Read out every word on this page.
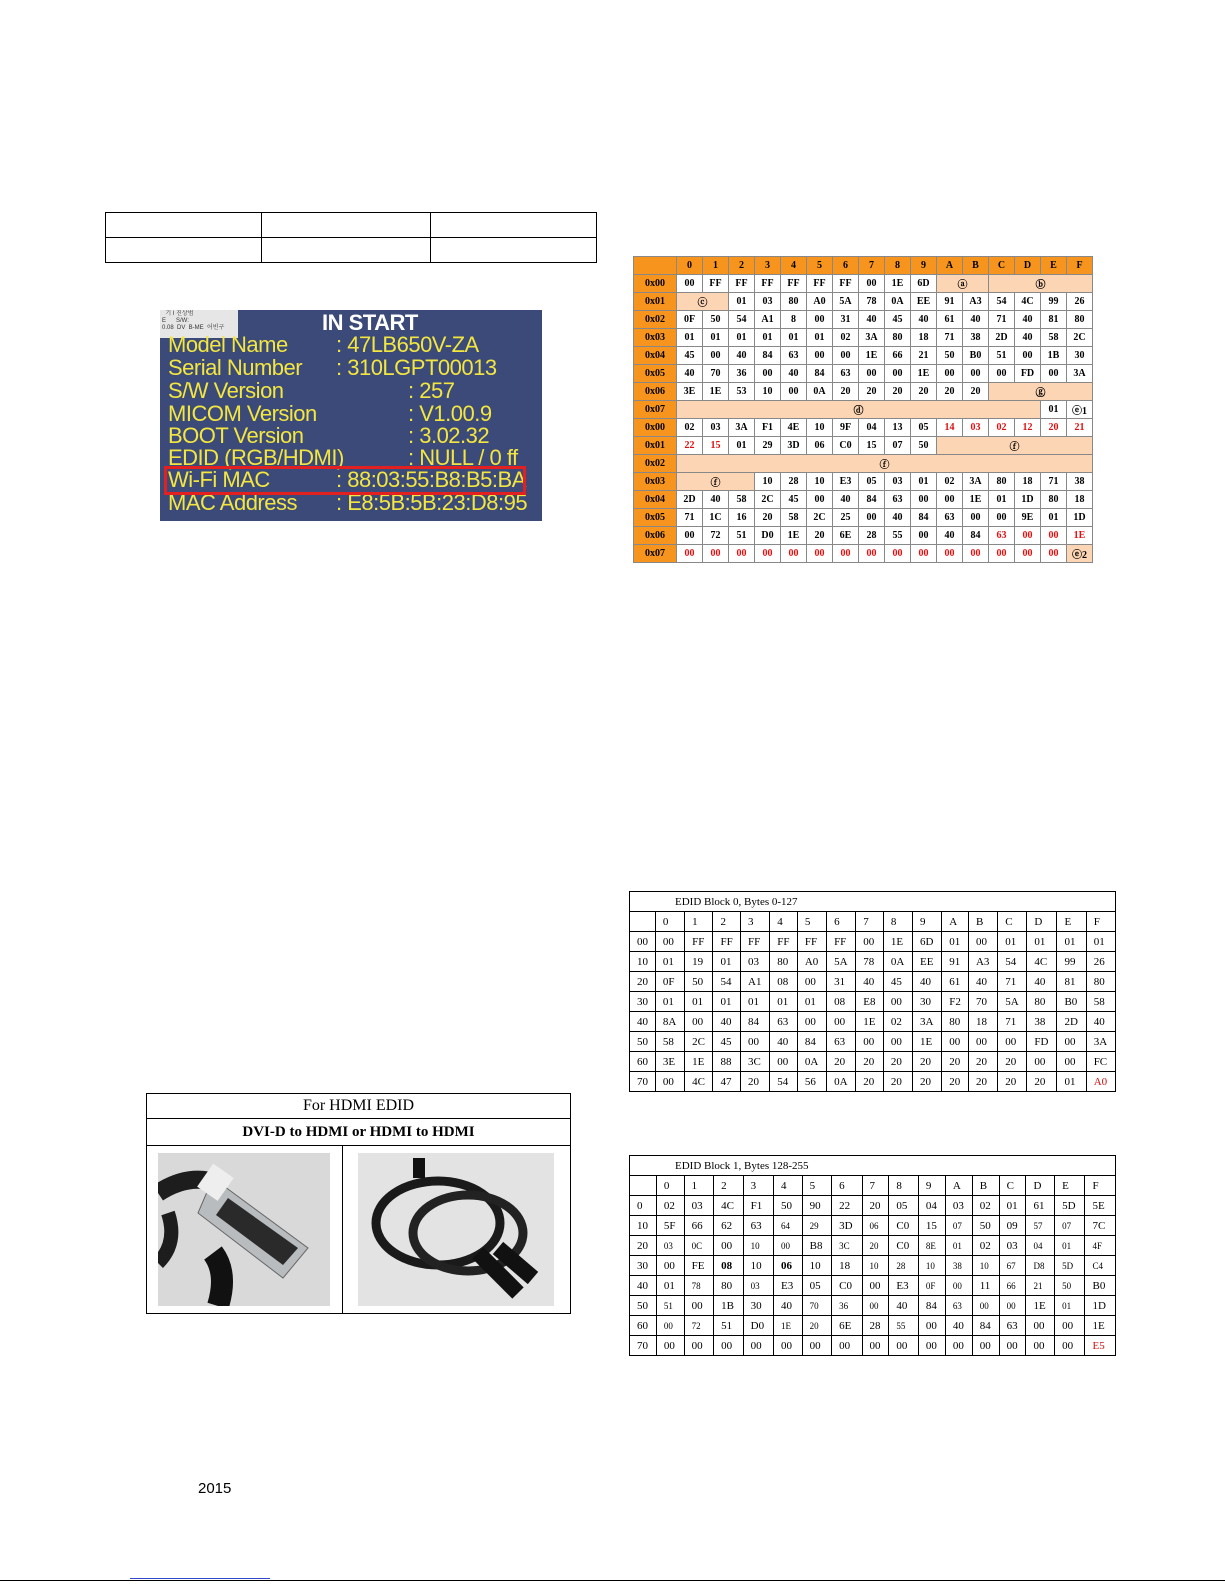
기 I 진상범
E      S/W:
0.08  DV  B-ME  어빈구	IN START
Model Name : 47LB650V-ZA
Serial Number : 310LGPT00013
S/W Version	: 257
MICOM Version	: V1.00.9
BOOT Version	: 3.02.32
EDID (RGB/HDMI)	: NULL / 0 ff
Wi-Fi MAC	: 88:03:55:B8:B5:BA
MAC Address : E8:5B:5B:23:D8:95
	0	1	2	3	4	5	6	7	8	9	A	B	C	D	E	F
0x00	00	FF	FF	FF	FF	FF	FF	00	1E	6D	ⓐ		ⓑ			
0x01	ⓒ		01	03	80	A0	5A	78	0A	EE	91	A3	54	4C	99	26
0x02	0F	50	54	A1	8	00	31	40	45	40	61	40	71	40	81	80
0x03	01	01	01	01	01	01	02	3A	80	18	71	38	2D	40	58	2C
0x04	45	00	40	84	63	00	00	1E	66	21	50	B0	51	00	1B	30
0x05	40	70	36	00	40	84	63	00	00	1E	00	00	00	FD	00	3A
0x06	3E	1E	53	10	00	0A	20	20	20	20	20	20	ⓖ			
0x07	ⓓ														01	ⓔ1
0x00	02	03	3A	F1	4E	10	9F	04	13	05	14	03	02	12	20	21
0x01	22	15	01	29	3D	06	C0	15	07	50	ⓕ					
0x02	ⓕ															
0x03	ⓕ			10	28	10	E3	05	03	01	02	3A	80	18	71	38
0x04	2D	40	58	2C	45	00	40	84	63	00	00	1E	01	1D	80	18
0x05	71	1C	16	20	58	2C	25	00	40	84	63	00	00	9E	01	1D
0x06	00	72	51	D0	1E	20	6E	28	55	00	40	84	63	00	00	1E
0x07	00	00	00	00	00	00	00	00	00	00	00	00	00	00	00	ⓔ2
EDID Block 0, Bytes 0-127																
	0	1	2	3	4	5	6	7	8	9	A	B	C	D	E	F
00	00	FF	FF	FF	FF	FF	FF	00	1E	6D	01	00	01	01	01	01
10	01	19	01	03	80	A0	5A	78	0A	EE	91	A3	54	4C	99	26
20	0F	50	54	A1	08	00	31	40	45	40	61	40	71	40	81	80
30	01	01	01	01	01	01	08	E8	00	30	F2	70	5A	80	B0	58
40	8A	00	40	84	63	00	00	1E	02	3A	80	18	71	38	2D	40
50	58	2C	45	00	40	84	63	00	00	1E	00	00	00	FD	00	3A
60	3E	1E	88	3C	00	0A	20	20	20	20	20	20	20	00	00	FC
70	00	4C	47	20	54	56	0A	20	20	20	20	20	20	20	01	A0
EDID Block 1, Bytes 128-255																
	0	1	2	3	4	5	6	7	8	9	A	B	C	D	E	F
0	02	03	4C	F1	50	90	22	20	05	04	03	02	01	61	5D	5E
10	5F	66	62	63	64	29	3D	06	C0	15	07	50	09	57	07	7C
20	03	0C	00	10	00	B8	3C	20	C0	8E	01	02	03	04	01	4F
30	00	FE	08	10	06	10	18	10	28	10	38	10	67	D8	5D	C4
40	01	78	80	03	E3	05	C0	00	E3	0F	00	11	66	21	50	B0
50	51	00	1B	30	40	70	36	00	40	84	63	00	00	1E	01	1D
60	00	72	51	D0	1E	20	6E	28	55	00	40	84	63	00	00	1E
70	00	00	00	00	00	00	00	00	00	00	00	00	00	00	00	E5
For HDMI EDID
DVI-D to HDMI or HDMI to HDMI

2015
